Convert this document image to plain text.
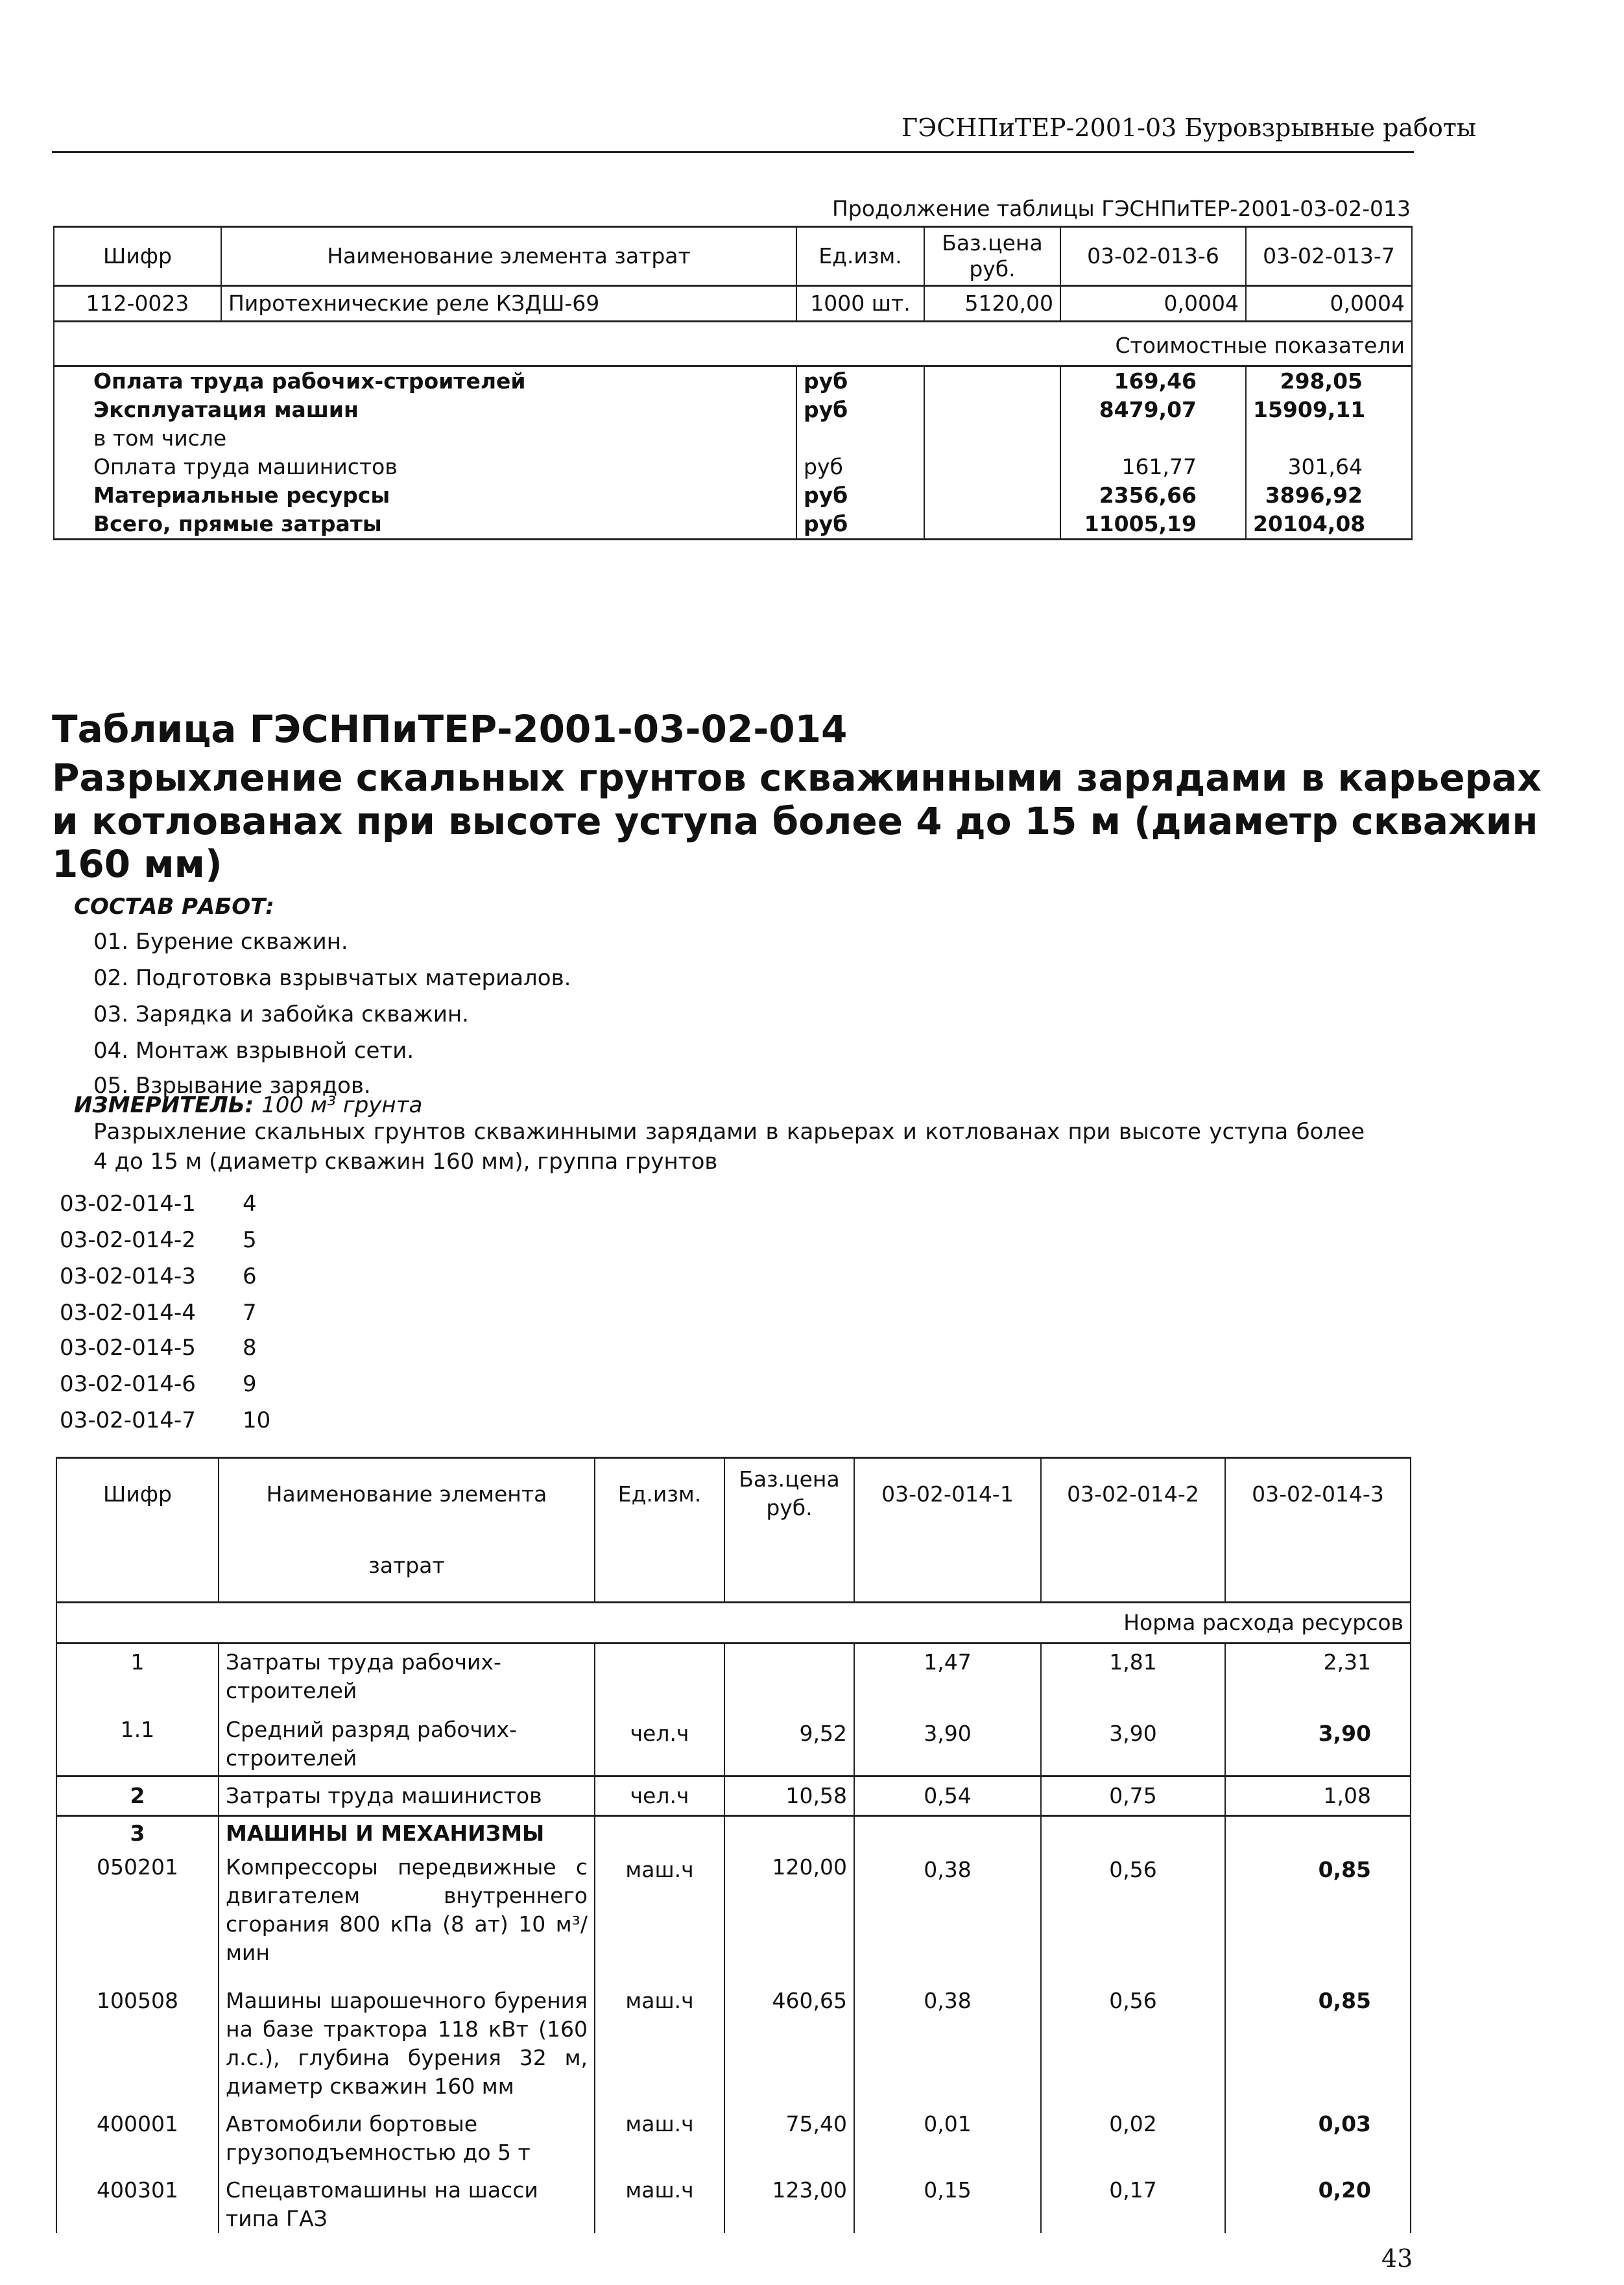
ГЭСНПиТЕР-2001-03 Буровзрывные работы
Продолжение таблицы ГЭСНПиТЕР-2001-03-02-013
Шифр	Наименование элемента затрат	Ед.изм.	Баз.цена руб.	03-02-013-6	03-02-013-7
112-0023	Пиротехнические реле КЗДШ-69	1000 шт.	5120,00	0,0004	0,0004
Стоимостные показатели					
Оплата труда рабочих-строителей		руб		169,46	298,05
Эксплуатация машин		руб		8479,07	15909,11
в том числе					
Оплата труда машинистов		руб		161,77	301,64
Материальные ресурсы		руб		2356,66	3896,92
Всего, прямые затраты		руб		11005,19	20104,08
Таблица ГЭСНПиТЕР-2001-03-02-014
Разрыхление скальных грунтов скважинными зарядами в карьерах
и котлованах при высоте уступа более 4 до 15 м (диаметр скважин
160 мм)
СОСТАВ РАБОТ:
01. Бурение скважин.
02. Подготовка взрывчатых материалов.
03. Зарядка и забойка скважин.
04. Монтаж взрывной сети.
05. Взрывание зарядов.
ИЗМЕРИТЕЛЬ: 100 м³ грунта
Разрыхление скальных грунтов скважинными зарядами в карьерах и котлованах при высоте уступа более 4 до 15 м (диаметр скважин 160 мм), группа грунтов
03-02-014-1 4
03-02-014-2 5
03-02-014-3 6
03-02-014-4 7
03-02-014-5 8
03-02-014-6 9
03-02-014-7 10
Шифр	Наименование элемента затрат	Ед.изм.	Баз.цена руб.	03-02-014-1	03-02-014-2	03-02-014-3
Норма расхода ресурсов						
1	Затраты труда рабочих-строителей			1,47	1,81	2,31
1.1	Средний разряд рабочих-строителей	чел.ч	9,52	3,90	3,90	3,90
2	Затраты труда машинистов	чел.ч	10,58	0,54	0,75	1,08
3	МАШИНЫ И МЕХАНИЗМЫ					
050201	Компрессоры передвижные с двигателем внутреннего сгорания 800 кПа (8 ат) 10 м³/мин	маш.ч	120,00	0,38	0,56	0,85
100508	Машины шарошечного бурения на базе трактора 118 кВт (160 л.с.), глубина бурения 32 м, диаметр скважин 160 мм	маш.ч	460,65	0,38	0,56	0,85
400001	Автомобили бортовые грузоподъемностью до 5 т	маш.ч	75,40	0,01	0,02	0,03
400301	Спецавтомашины на шасси типа ГАЗ	маш.ч	123,00	0,15	0,17	0,20
43
